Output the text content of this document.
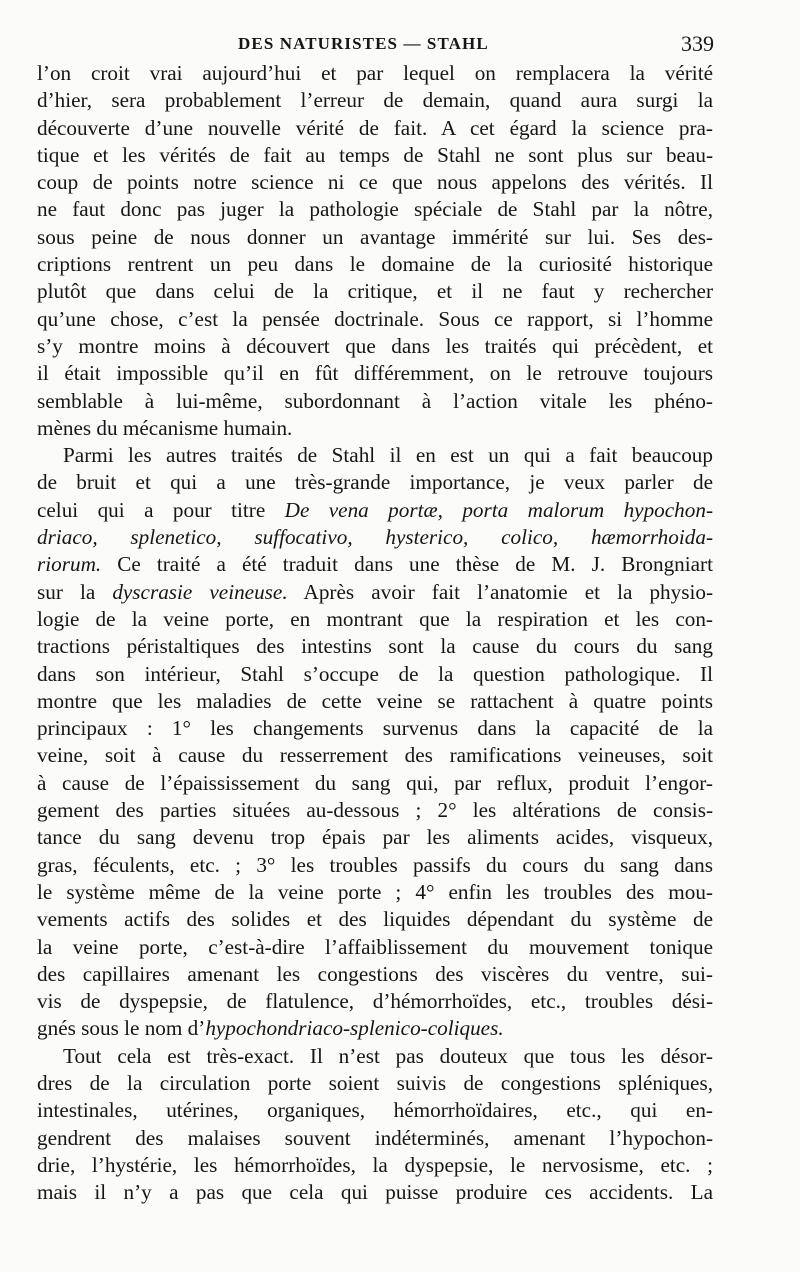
DES NATURISTES — STAHL	339
l’on croit vrai aujourd’hui et par lequel on remplacera la vérité
d’hier, sera probablement l’erreur de demain, quand aura surgi la
découverte d’une nouvelle vérité de fait. A cet égard la science pra-
tique et les vérités de fait au temps de Stahl ne sont plus sur beau-
coup de points notre science ni ce que nous appelons des vérités. Il
ne faut donc pas juger la pathologie spéciale de Stahl par la nôtre,
sous peine de nous donner un avantage immérité sur lui. Ses des-
criptions rentrent un peu dans le domaine de la curiosité historique
plutôt que dans celui de la critique, et il ne faut y rechercher
qu’une chose, c’est la pensée doctrinale. Sous ce rapport, si l’homme
s’y montre moins à découvert que dans les traités qui précèdent, et
il était impossible qu’il en fût différemment, on le retrouve toujours
semblable à lui-même, subordonnant à l’action vitale les phéno-
mènes du mécanisme humain.
Parmi les autres traités de Stahl il en est un qui a fait beaucoup
de bruit et qui a une très-grande importance, je veux parler de
celui qui a pour titre De vena portæ, porta malorum hypochon-
driaco, splenetico, suffocativo, hysterico, colico, hæmorrhoida-
riorum. Ce traité a été traduit dans une thèse de M. J. Brongniart
sur la dyscrasie veineuse. Après avoir fait l’anatomie et la physio-
logie de la veine porte, en montrant que la respiration et les con-
tractions péristaltiques des intestins sont la cause du cours du sang
dans son intérieur, Stahl s’occupe de la question pathologique. Il
montre que les maladies de cette veine se rattachent à quatre points
principaux : 1° les changements survenus dans la capacité de la
veine, soit à cause du resserrement des ramifications veineuses, soit
à cause de l’épaississement du sang qui, par reflux, produit l’engor-
gement des parties situées au-dessous ; 2° les altérations de consis-
tance du sang devenu trop épais par les aliments acides, visqueux,
gras, féculents, etc. ; 3° les troubles passifs du cours du sang dans
le système même de la veine porte ; 4° enfin les troubles des mou-
vements actifs des solides et des liquides dépendant du système de
la veine porte, c’est-à-dire l’affaiblissement du mouvement tonique
des capillaires amenant les congestions des viscères du ventre, sui-
vis de dyspepsie, de flatulence, d’hémorrhoïdes, etc., troubles dési-
gnés sous le nom d’hypochondriaco-splenico-coliques.
Tout cela est très-exact. Il n’est pas douteux que tous les désor-
dres de la circulation porte soient suivis de congestions spléniques,
intestinales, utérines, organiques, hémorrhoïdaires, etc., qui en-
gendrent des malaises souvent indéterminés, amenant l’hypochon-
drie, l’hystérie, les hémorrhoïdes, la dyspepsie, le nervosisme, etc. ;
mais il n’y a pas que cela qui puisse produire ces accidents. La
